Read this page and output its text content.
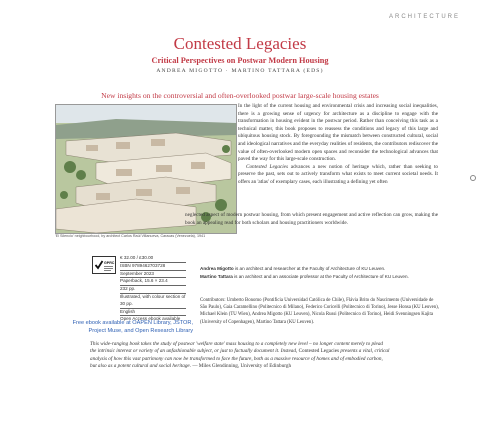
ARCHITECTURE
Contested Legacies
Critical Perspectives on Postwar Modern Housing
ANDREA MIGOTTO · MARTINO TATTARA (EDS)
New insights on the controversial and often-overlooked postwar large-scale housing estates
'El Silencio' neighbourhood, by architect Carlos Raúl Villanueva, Caracas (Venezuela), 1941

In the light of the current housing and environmental crisis and increasing social inequalities, there is a growing sense of urgency for architecture as a discipline to engage with the transformation in housing evident in the postwar period. Rather than conceiving this task as a technical matter, this book proposes to reassess the conditions and legacy of this large and ubiquitous housing stock. By foregrounding the mismatch between constructed cultural, social and ideological narratives and the everyday realities of residents, the contributors rediscover the value of often-overlooked modern open spaces and reconsider the technological advances that paved the way for this large-scale construction.

Contested Legacies advances a new notion of heritage which, rather than seeking to preserve the past, sets out to actively transform what exists to meet current societal needs. It offers an 'atlas' of exemplary cases, each illustrating a defining yet often

neglected aspect of modern postwar housing, from which present engagement and active reflection can grow, making the book an appealing read for both scholars and housing practitioners worldwide.
Andrea Migotto is an architect and researcher at the Faculty of Architecture of KU Leuven.
Martino Tattara is an architect and an associate professor at the Faculty of Architecture of KU Leuven.
Contributors: Umberto Bonomo (Pontificia Universidad Católica de Chile), Flávia Brito do Nascimento (Universidade de São Paulo), Gaia Caramellino (Politecnico di Milano), Federico Coricelli (Politecnico di Torino), Jesse Honsa (KU Leuven), Michael Klein (TU Wien), Andrea Migotto (KU Leuven), Nicola Russi (Politecnico di Torino), Heidi Svenningsen Kajita (University of Copenhagen), Martino Tattara (KU Leuven).
GPRC
€ 32.00 / £30.00
ISBN 9789462703728
September 2023
Paperback, 15.6 × 23.4
232 pp.
Illustrated, with colour section of 30 pp.
English
Open Access ebook available
Free ebook available at OAPEN Library, JSTOR,
Project Muse, and Open Research Library
This wide-ranging book takes the study of postwar 'welfare state' mass housing to a completely new level – no longer content merely to plead the intrinsic interest or variety of an unfashionable subject, or just to factually document it. Instead, Contested Legacies presents a vital, critical analysis of how this vast patrimony can now be transformed to face the future, both as a massive resource of homes and of embodied carbon, but also as a potent cultural and social heritage. — Miles Glendinning, University of Edinburgh
